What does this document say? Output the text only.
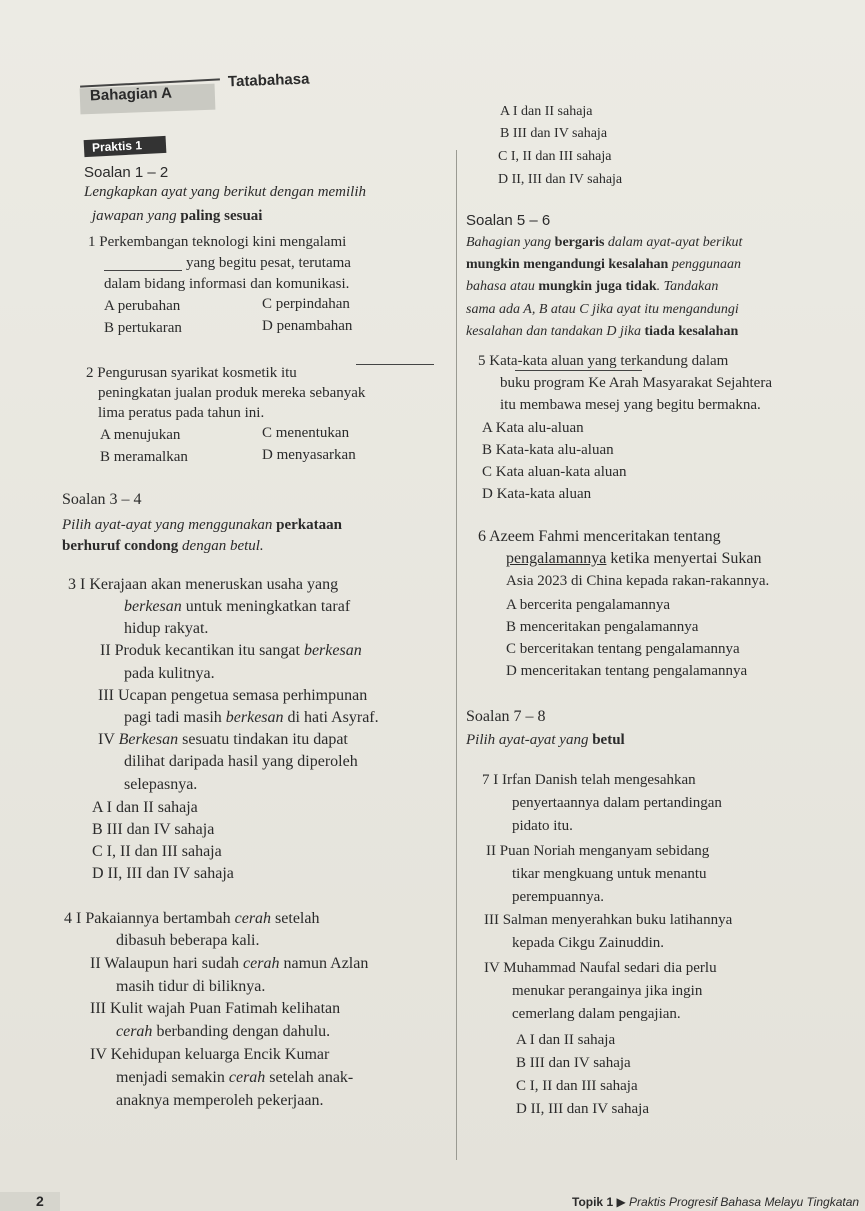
Bahagian A
Tatabahasa
Praktis 1
Soalan 1 – 2
Lengkapkan ayat yang berikut dengan memilih
jawapan yang paling sesuai
1 Perkembangan teknologi kini mengalami
yang begitu pesat, terutama
dalam bidang informasi dan komunikasi.
A perubahan	C perpindahan
B pertukaran	D penambahan
2 Pengurusan syarikat kosmetik itu
peningkatan jualan produk mereka sebanyak
lima peratus pada tahun ini.
A menujukan	C menentukan
B meramalkan	D menyasarkan
Soalan 3 – 4
Pilih ayat-ayat yang menggunakan perkataan
berhuruf condong dengan betul.
3 I Kerajaan akan meneruskan usaha yang
berkesan untuk meningkatkan taraf
hidup rakyat.
II Produk kecantikan itu sangat berkesan
pada kulitnya.
III Ucapan pengetua semasa perhimpunan
pagi tadi masih berkesan di hati Asyraf.
IV Berkesan sesuatu tindakan itu dapat
dilihat daripada hasil yang diperoleh
selepasnya.
A I dan II sahaja
B III dan IV sahaja
C I, II dan III sahaja
D II, III dan IV sahaja
4 I Pakaiannya bertambah cerah setelah
dibasuh beberapa kali.
II Walaupun hari sudah cerah namun Azlan
masih tidur di biliknya.
III Kulit wajah Puan Fatimah kelihatan
cerah berbanding dengan dahulu.
IV Kehidupan keluarga Encik Kumar
menjadi semakin cerah setelah anak-
anaknya memperoleh pekerjaan.
A I dan II sahaja
B III dan IV sahaja
C I, II dan III sahaja
D II, III dan IV sahaja
Soalan 5 – 6
Bahagian yang bergaris dalam ayat-ayat berikut
mungkin mengandungi kesalahan penggunaan
bahasa atau mungkin juga tidak. Tandakan
sama ada A, B atau C jika ayat itu mengandungi
kesalahan dan tandakan D jika tiada kesalahan
5 Kata-kata aluan yang terkandung dalam
buku program Ke Arah Masyarakat Sejahtera
itu membawa mesej yang begitu bermakna.
A Kata alu-aluan
B Kata-kata alu-aluan
C Kata aluan-kata aluan
D Kata-kata aluan
6 Azeem Fahmi menceritakan tentang
pengalamannya ketika menyertai Sukan
Asia 2023 di China kepada rakan-rakannya.
A bercerita pengalamannya
B menceritakan pengalamannya
C berceritakan tentang pengalamannya
D menceritakan tentang pengalamannya
Soalan 7 – 8
Pilih ayat-ayat yang betul
7 I Irfan Danish telah mengesahkan
penyertaannya dalam pertandingan
pidato itu.
II Puan Noriah menganyam sebidang
tikar mengkuang untuk menantu
perempuannya.
III Salman menyerahkan buku latihannya
kepada Cikgu Zainuddin.
IV Muhammad Naufal sedari dia perlu
menukar perangainya jika ingin
cemerlang dalam pengajian.
A I dan II sahaja
B III dan IV sahaja
C I, II dan III sahaja
D II, III dan IV sahaja
2	Topik 1 ▶ Praktis Progresif Bahasa Melayu Tingkatan
